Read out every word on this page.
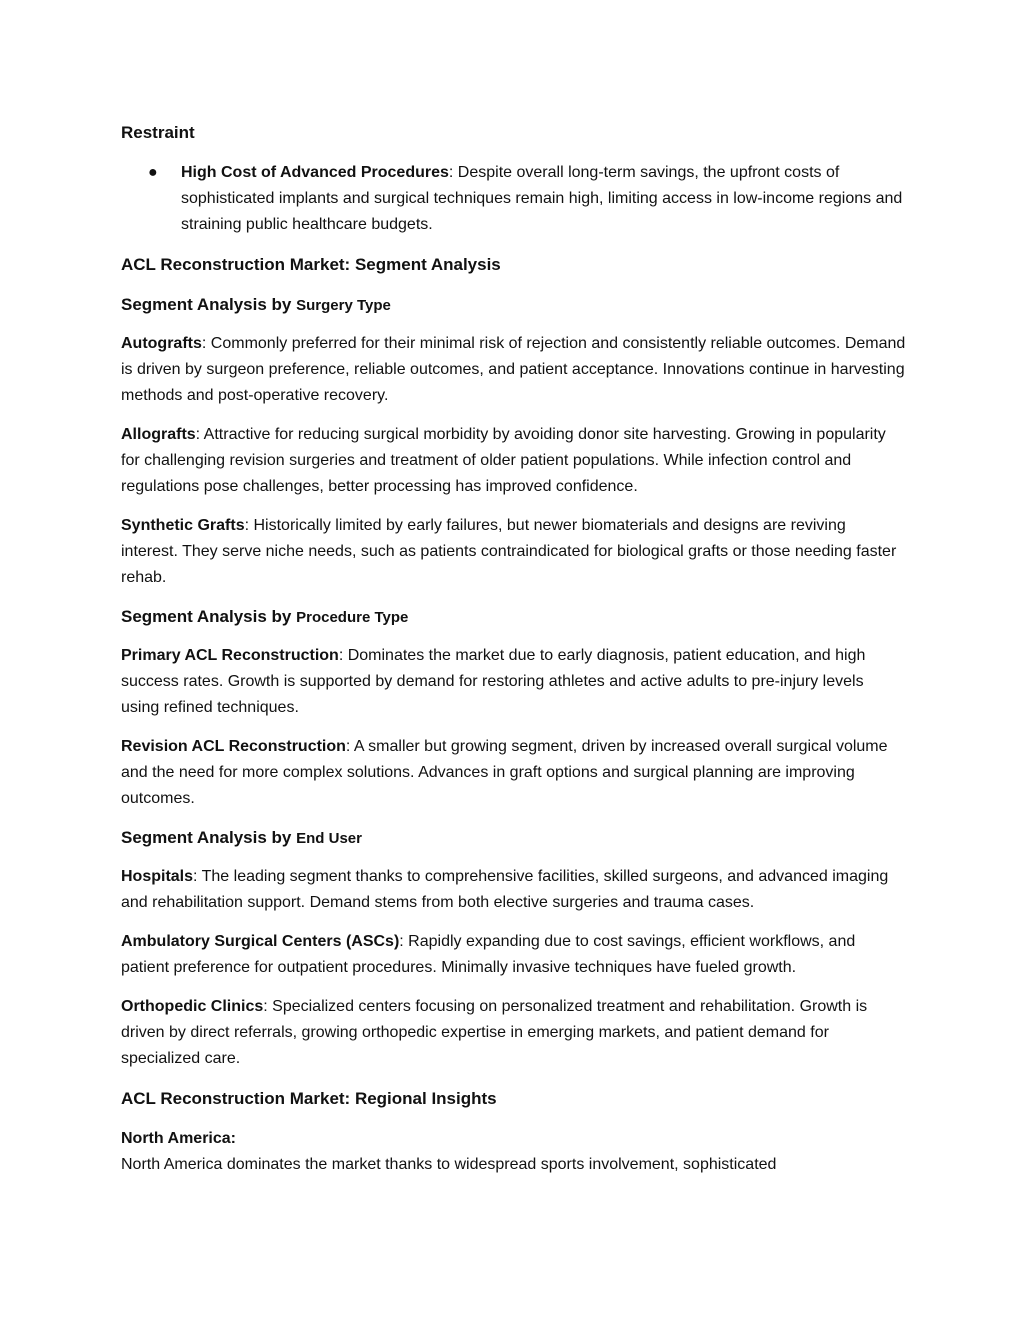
Restraint
●	High Cost of Advanced Procedures: Despite overall long-term savings, the upfront costs of sophisticated implants and surgical techniques remain high, limiting access in low-income regions and straining public healthcare budgets.
ACL Reconstruction Market: Segment Analysis
Segment Analysis by Surgery Type

Autografts: Commonly preferred for their minimal risk of rejection and consistently reliable outcomes. Demand is driven by surgeon preference, reliable outcomes, and patient acceptance. Innovations continue in harvesting methods and post-operative recovery.

Allografts: Attractive for reducing surgical morbidity by avoiding donor site harvesting. Growing in popularity for challenging revision surgeries and treatment of older patient populations. While infection control and regulations pose challenges, better processing has improved confidence.

Synthetic Grafts: Historically limited by early failures, but newer biomaterials and designs are reviving interest. They serve niche needs, such as patients contraindicated for biological grafts or those needing faster rehab.

Segment Analysis by Procedure Type

Primary ACL Reconstruction: Dominates the market due to early diagnosis, patient education, and high success rates. Growth is supported by demand for restoring athletes and active adults to pre-injury levels using refined techniques.

Revision ACL Reconstruction: A smaller but growing segment, driven by increased overall surgical volume and the need for more complex solutions. Advances in graft options and surgical planning are improving outcomes.

Segment Analysis by End User

Hospitals: The leading segment thanks to comprehensive facilities, skilled surgeons, and advanced imaging and rehabilitation support. Demand stems from both elective surgeries and trauma cases.

Ambulatory Surgical Centers (ASCs): Rapidly expanding due to cost savings, efficient workflows, and patient preference for outpatient procedures. Minimally invasive techniques have fueled growth.

Orthopedic Clinics: Specialized centers focusing on personalized treatment and rehabilitation. Growth is driven by direct referrals, growing orthopedic expertise in emerging markets, and patient demand for specialized care.

ACL Reconstruction Market: Regional Insights

North America:
North America dominates the market thanks to widespread sports involvement, sophisticated
